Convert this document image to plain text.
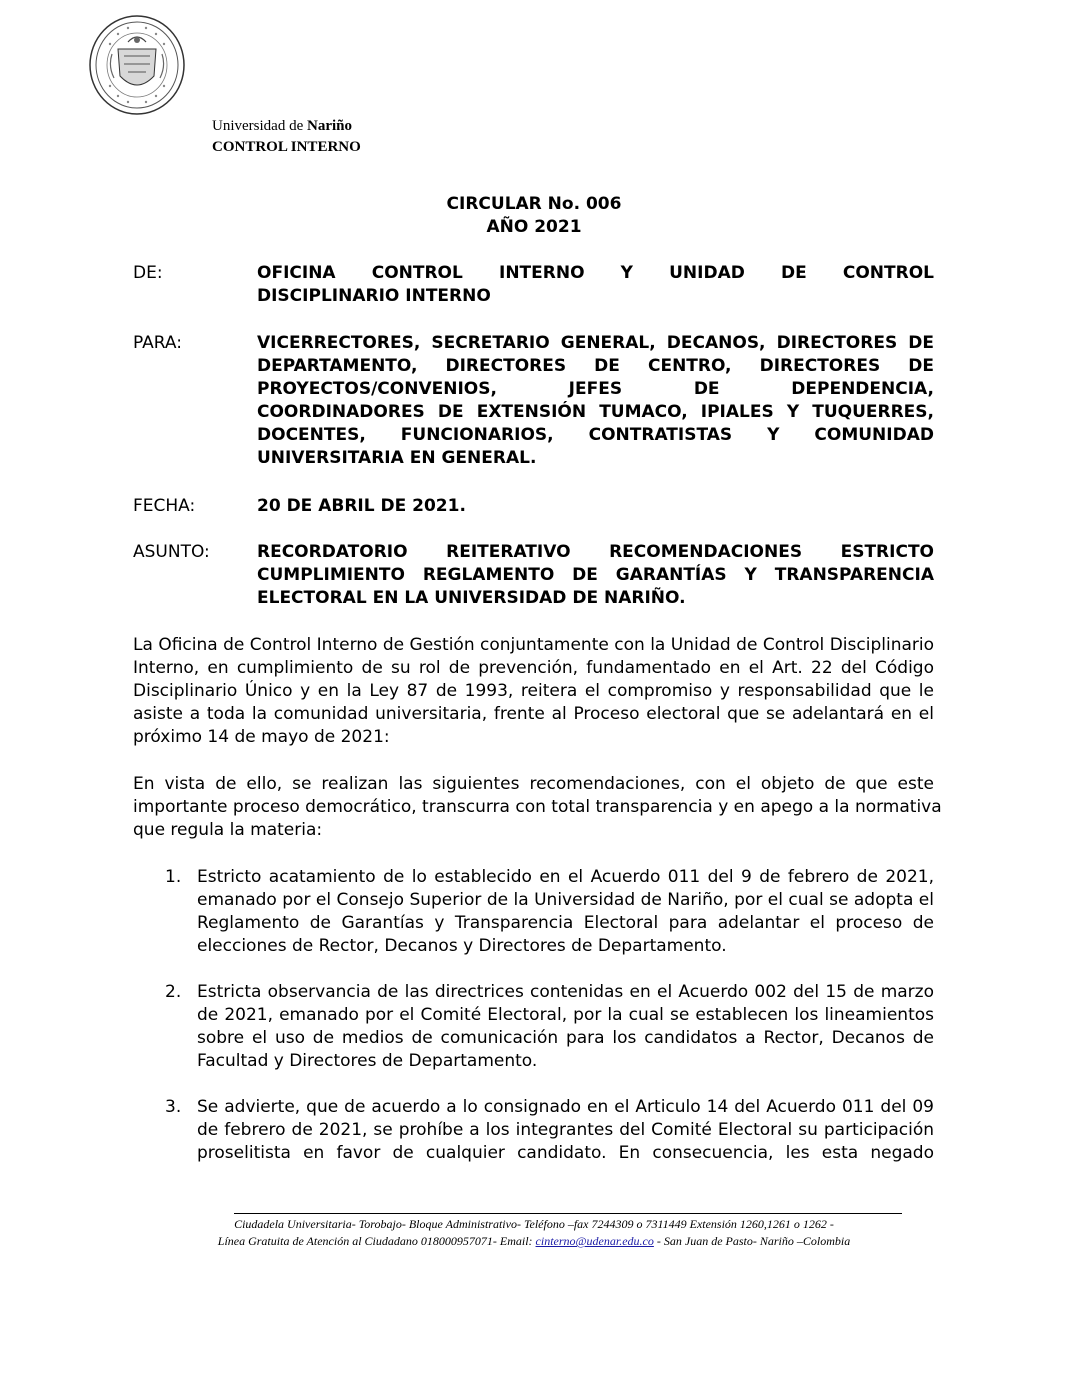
Universidad de Nariño
CONTROL INTERNO
CIRCULAR No. 006
AÑO 2021
DE:	OFICINA CONTROL INTERNO Y UNIDAD DE CONTROL
DISCIPLINARIO INTERNO
PARA:	VICERRECTORES, SECRETARIO GENERAL, DECANOS, DIRECTORES DE
DEPARTAMENTO, DIRECTORES DE CENTRO, DIRECTORES DE
PROYECTOS/CONVENIOS, JEFES DE DEPENDENCIA,
COORDINADORES DE EXTENSIÓN TUMACO, IPIALES Y TUQUERRES,
DOCENTES, FUNCIONARIOS, CONTRATISTAS Y COMUNIDAD
UNIVERSITARIA EN GENERAL.
FECHA:	20 DE ABRIL DE 2021.
ASUNTO:	RECORDATORIO REITERATIVO RECOMENDACIONES ESTRICTO
CUMPLIMIENTO REGLAMENTO DE GARANTÍAS Y TRANSPARENCIA
ELECTORAL EN LA UNIVERSIDAD DE NARIÑO.
La Oficina de Control Interno de Gestión conjuntamente con la Unidad de Control Disciplinario
Interno, en cumplimiento de su rol de prevención, fundamentado en el Art. 22 del Código
Disciplinario Único y en la Ley 87 de 1993, reitera el compromiso y responsabilidad que le
asiste a toda la comunidad universitaria, frente al Proceso electoral que se adelantará en el
próximo 14 de mayo de 2021:
En vista de ello, se realizan las siguientes recomendaciones, con el objeto de que este
importante proceso democrático, transcurra con total transparencia y en apego a la normativa
que regula la materia:
1. Estricto acatamiento de lo establecido en el Acuerdo 011 del 9 de febrero de 2021,
emanado por el Consejo Superior de la Universidad de Nariño, por el cual se adopta el
Reglamento de Garantías y Transparencia Electoral para adelantar el proceso de
elecciones de Rector, Decanos y Directores de Departamento.
2. Estricta observancia de las directrices contenidas en el Acuerdo 002 del 15 de marzo
de 2021, emanado por el Comité Electoral, por la cual se establecen los lineamientos
sobre el uso de medios de comunicación para los candidatos a Rector, Decanos de
Facultad y Directores de Departamento.
3. Se advierte, que de acuerdo a lo consignado en el Articulo 14 del Acuerdo 011 del 09
de febrero de 2021, se prohíbe a los integrantes del Comité Electoral su participación
proselitista en favor de cualquier candidato. En consecuencia, les esta negado
Ciudadela Universitaria- Torobajo- Bloque Administrativo- Teléfono –fax 7244309 o 7311449 Extensión 1260,1261 o 1262 -
Línea Gratuita de Atención al Ciudadano 018000957071- Email: cinterno@udenar.edu.co - San Juan de Pasto- Nariño –Colombia
